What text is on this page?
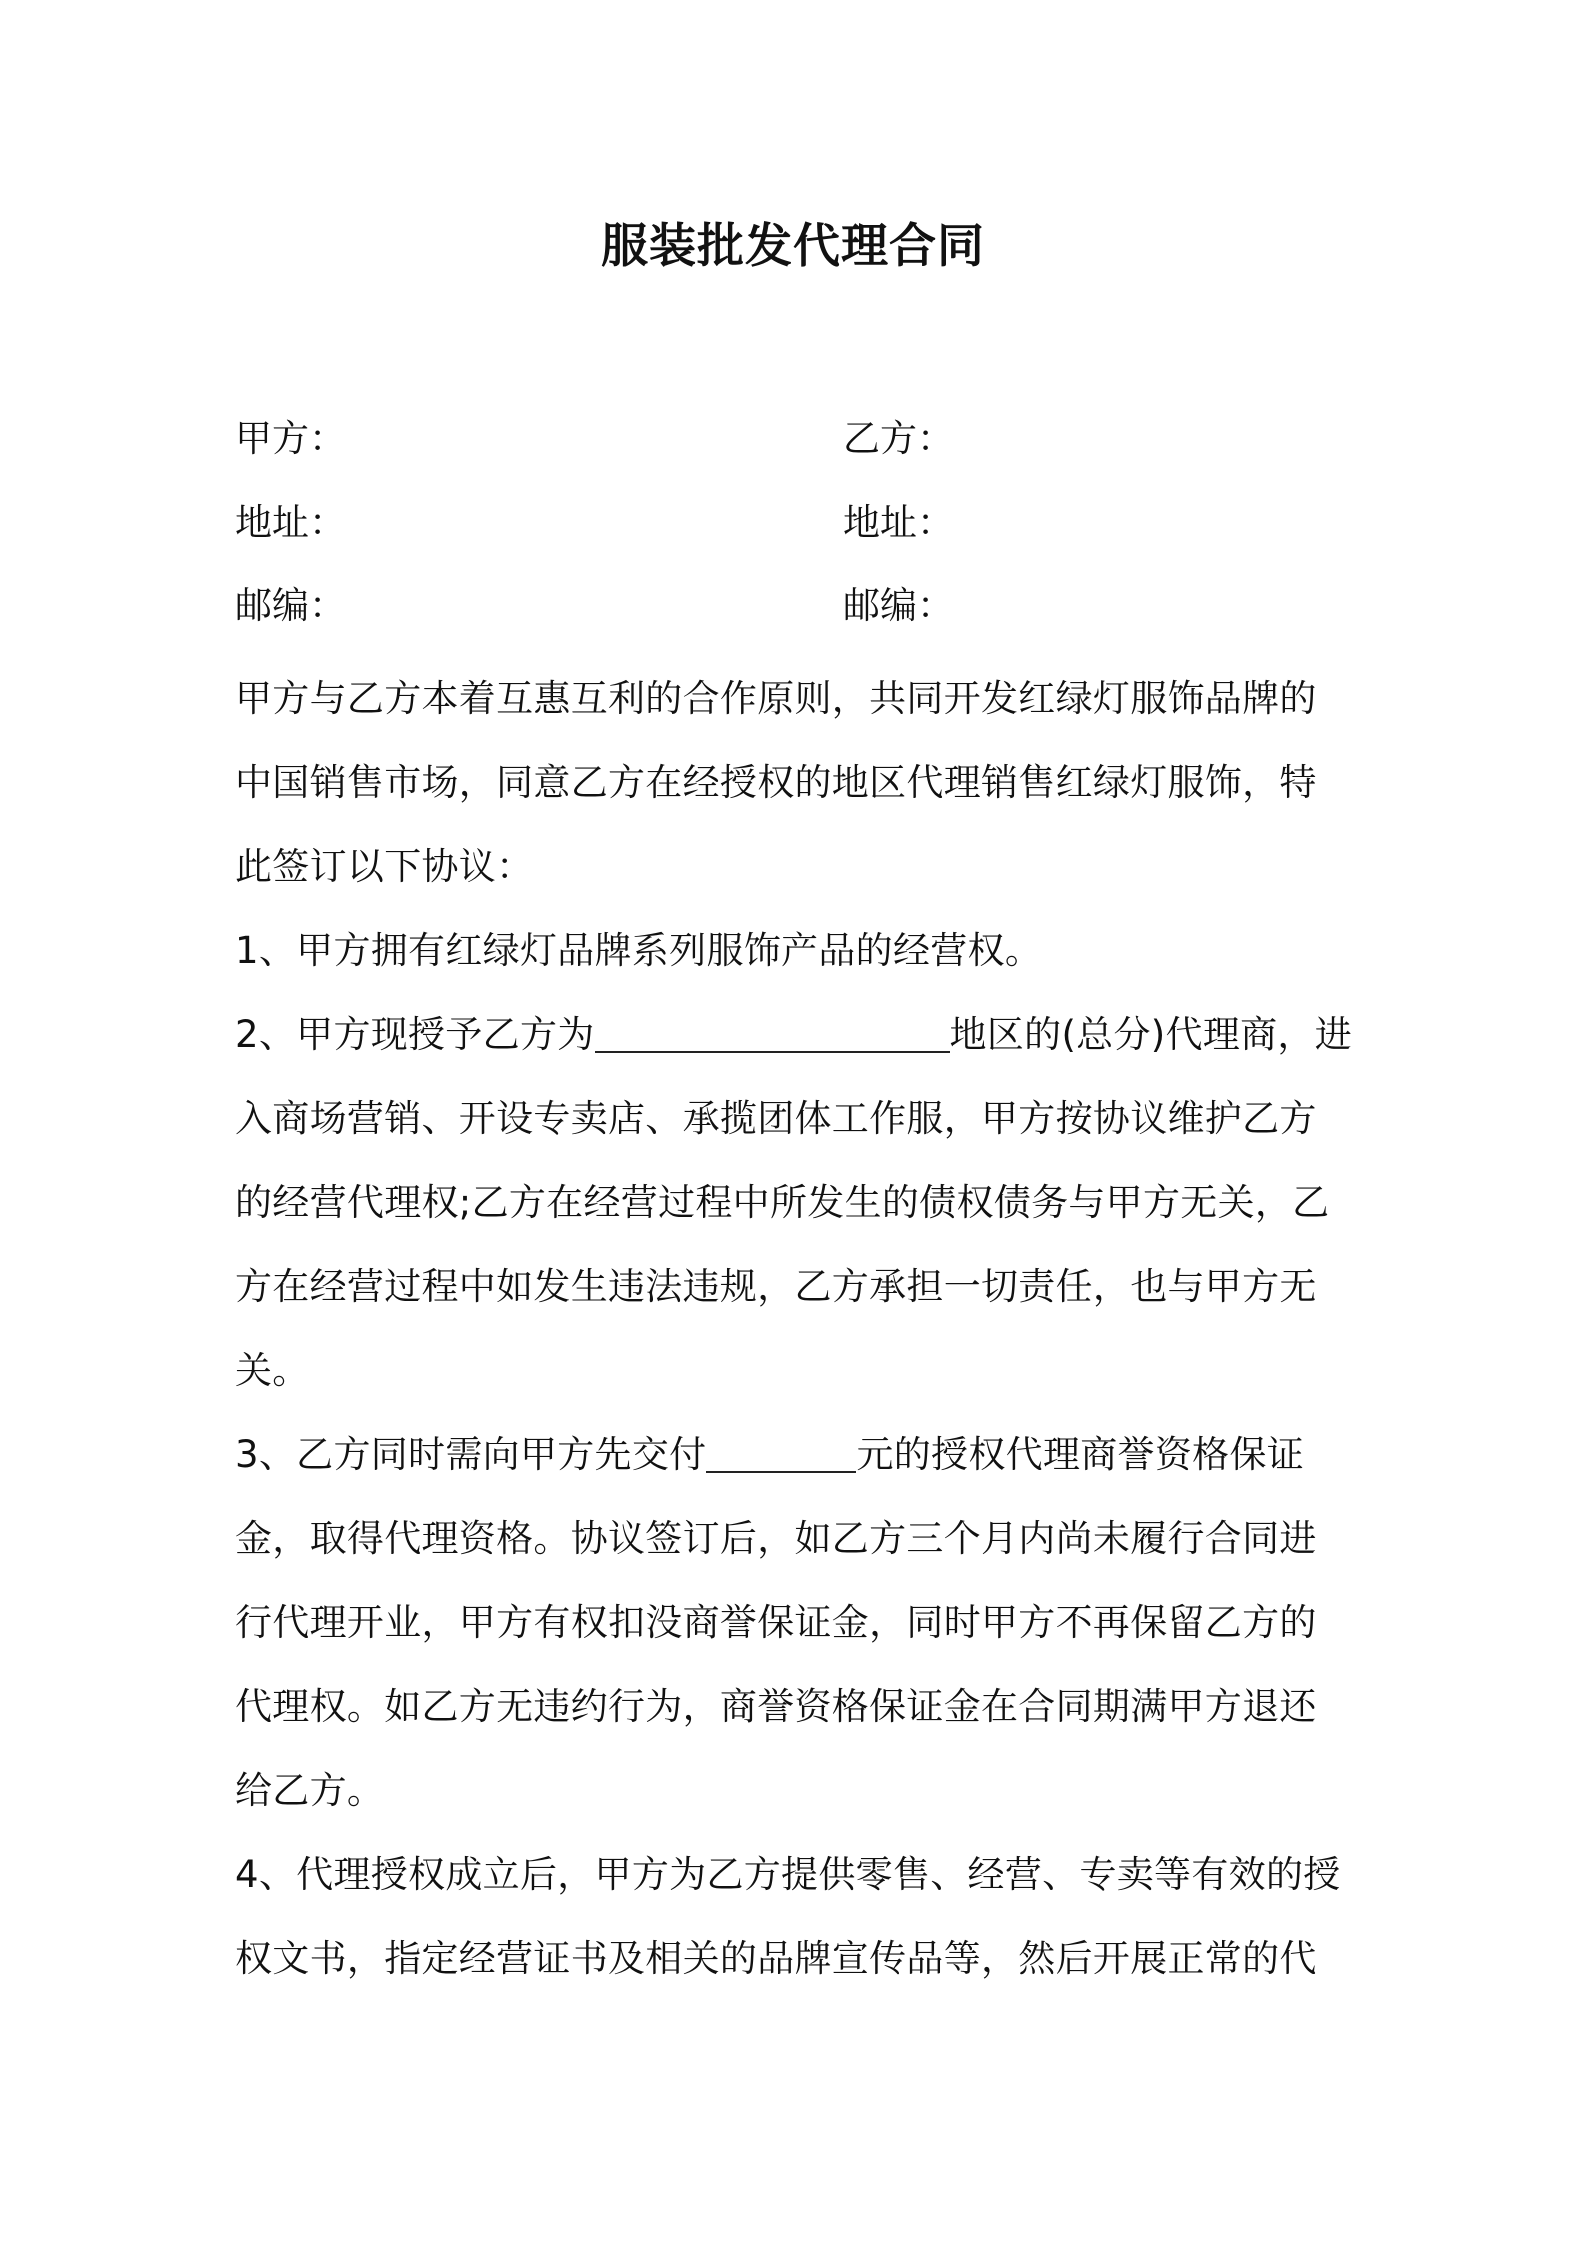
服装批发代理合同
甲方：	乙方：
地址：	地址：
邮编：	邮编：
甲方与乙方本着互惠互利的合作原则，共同开发红绿灯服饰品牌的
中国销售市场，同意乙方在经授权的地区代理销售红绿灯服饰，特
此签订以下协议：
1、甲方拥有红绿灯品牌系列服饰产品的经营权。
2、甲方现授予乙方为	地区的(总分)代理商，进
入商场营销、开设专卖店、承揽团体工作服，甲方按协议维护乙方
的经营代理权;乙方在经营过程中所发生的债权债务与甲方无关，乙
方在经营过程中如发生违法违规，乙方承担一切责任，也与甲方无
关。
3、乙方同时需向甲方先交付	元的授权代理商誉资格保证
金，取得代理资格。协议签订后，如乙方三个月内尚未履行合同进
行代理开业，甲方有权扣没商誉保证金，同时甲方不再保留乙方的
代理权。如乙方无违约行为，商誉资格保证金在合同期满甲方退还
给乙方。
4、代理授权成立后，甲方为乙方提供零售、经营、专卖等有效的授
权文书，指定经营证书及相关的品牌宣传品等，然后开展正常的代
